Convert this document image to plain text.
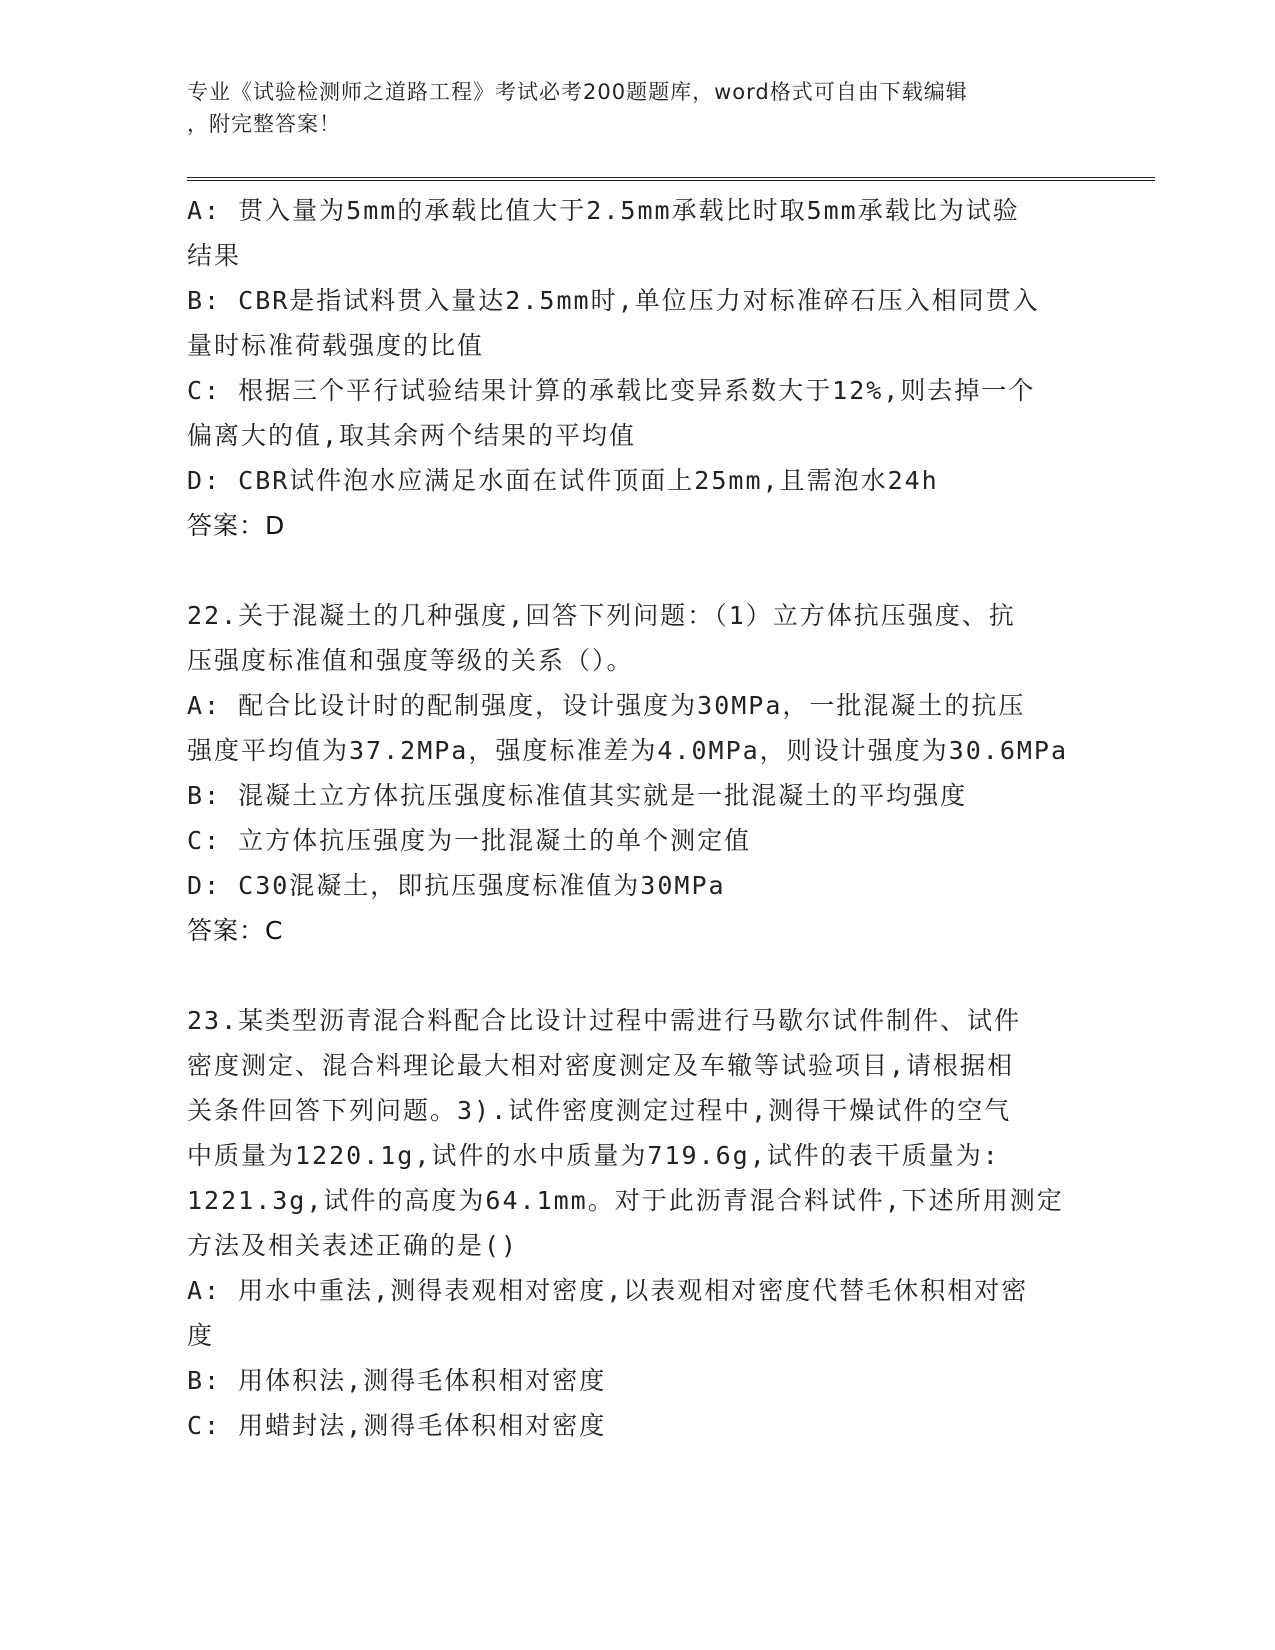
专业《试验检测师之道路工程》考试必考200题题库，word格式可自由下载编辑
，附完整答案！
A: 贯入量为5mm的承载比值大于2.5mm承载比时取5mm承载比为试验
结果
B: CBR是指试料贯入量达2.5mm时,单位压力对标准碎石压入相同贯入
量时标准荷载强度的比值
C: 根据三个平行试验结果计算的承载比变异系数大于12%,则去掉一个
偏离大的值,取其余两个结果的平均值
D: CBR试件泡水应满足水面在试件顶面上25mm,且需泡水24h
答案：D
22.关于混凝土的几种强度,回答下列问题：（1）立方体抗压强度、抗
压强度标准值和强度等级的关系（）。
A: 配合比设计时的配制强度，设计强度为30MPa，一批混凝土的抗压
强度平均值为37.2MPa，强度标准差为4.0MPa，则设计强度为30.6MPa
B: 混凝土立方体抗压强度标准值其实就是一批混凝土的平均强度
C: 立方体抗压强度为一批混凝土的单个测定值
D: C30混凝土，即抗压强度标准值为30MPa
答案：C
23.某类型沥青混合料配合比设计过程中需进行马歇尔试件制件、试件
密度测定、混合料理论最大相对密度测定及车辙等试验项目,请根据相
关条件回答下列问题。3).试件密度测定过程中,测得干燥试件的空气
中质量为1220.1g,试件的水中质量为719.6g,试件的表干质量为:
1221.3g,试件的高度为64.1mm。对于此沥青混合料试件,下述所用测定
方法及相关表述正确的是()
A: 用水中重法,测得表观相对密度,以表观相对密度代替毛休积相对密
度
B: 用体积法,测得毛体积相对密度
C: 用蜡封法,测得毛体积相对密度
